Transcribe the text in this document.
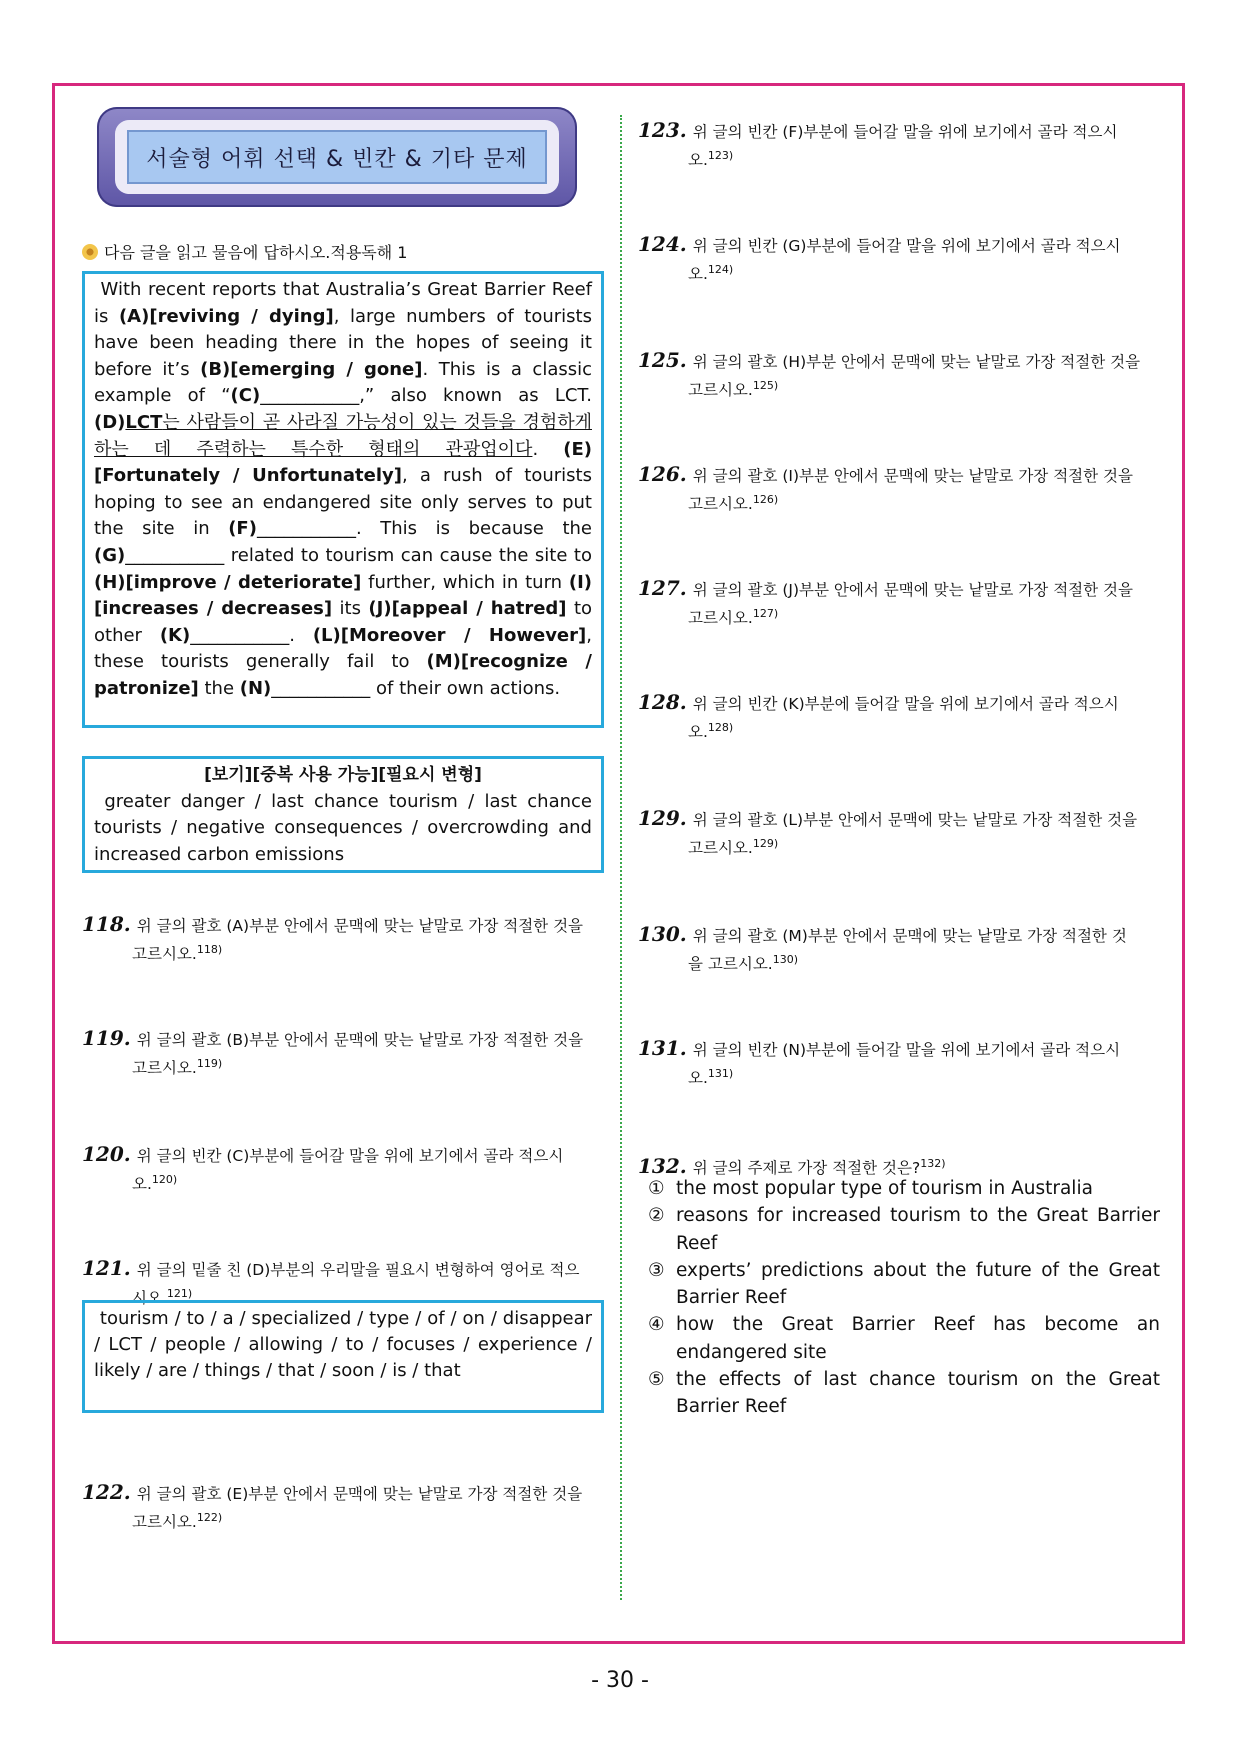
서술형 어휘 선택 & 빈칸 & 기타 문제
다음 글을 읽고 물음에 답하시오.적용독해 1
With recent reports that Australia’s Great Barrier Reef is (A)[reviving / dying], large numbers of tourists have been heading there in the hopes of seeing it before it’s (B)[emerging / gone]. This is a classic example of “(C)___________,” also known as LCT. (D)LCT는 사람들이 곧 사라질 가능성이 있는 것들을 경험하게 하는 데 주력하는 특수한 형태의 관광업이다. (E)[Fortunately / Unfortunately], a rush of tourists hoping to see an endangered site only serves to put the site in (F)___________. This is because the (G)___________ related to tourism can cause the site to (H)[improve / deteriorate] further, which in turn (I)[increases / decreases] its (J)[appeal / hatred] to other (K)___________. (L)[Moreover / However], these tourists generally fail to (M)[recognize / patronize] the (N)___________ of their own actions.
[보기][중복 사용 가능][필요시 변형]
greater danger / last chance tourism / last chance tourists / negative consequences / overcrowding and increased carbon emissions
118. 위 글의 괄호 (A)부분 안에서 문맥에 맞는 낱말로 가장 적절한 것을
고르시오.$^{118)}$
119. 위 글의 괄호 (B)부분 안에서 문맥에 맞는 낱말로 가장 적절한 것을
고르시오.$^{119)}$
120. 위 글의 빈칸 (C)부분에 들어갈 말을 위에 보기에서 골라 적으시
오.$^{120)}$
121. 위 글의 밑줄 친 (D)부분의 우리말을 필요시 변형하여 영어로 적으
시오.$^{121)}$
tourism / to / a / specialized / type / of / on / disappear / LCT / people / allowing / to / focuses / experience / likely / are / things / that / soon / is / that
122. 위 글의 괄호 (E)부분 안에서 문맥에 맞는 낱말로 가장 적절한 것을
고르시오.$^{122)}$
123. 위 글의 빈칸 (F)부분에 들어갈 말을 위에 보기에서 골라 적으시
오.$^{123)}$
124. 위 글의 빈칸 (G)부분에 들어갈 말을 위에 보기에서 골라 적으시
오.$^{124)}$
125. 위 글의 괄호 (H)부분 안에서 문맥에 맞는 낱말로 가장 적절한 것을
고르시오.$^{125)}$
126. 위 글의 괄호 (I)부분 안에서 문맥에 맞는 낱말로 가장 적절한 것을
고르시오.$^{126)}$
127. 위 글의 괄호 (J)부분 안에서 문맥에 맞는 낱말로 가장 적절한 것을
고르시오.$^{127)}$
128. 위 글의 빈칸 (K)부분에 들어갈 말을 위에 보기에서 골라 적으시
오.$^{128)}$
129. 위 글의 괄호 (L)부분 안에서 문맥에 맞는 낱말로 가장 적절한 것을
고르시오.$^{129)}$
130. 위 글의 괄호 (M)부분 안에서 문맥에 맞는 낱말로 가장 적절한 것
을 고르시오.$^{130)}$
131. 위 글의 빈칸 (N)부분에 들어갈 말을 위에 보기에서 골라 적으시
오.$^{131)}$
132. 위 글의 주제로 가장 적절한 것은?$^{132)}$
① the most popular type of tourism in Australia
② reasons for increased tourism to the Great Barrier Reef
③ experts’ predictions about the future of the Great Barrier Reef
④ how the Great Barrier Reef has become an endangered site
⑤ the effects of last chance tourism on the Great Barrier Reef
- 30 -
